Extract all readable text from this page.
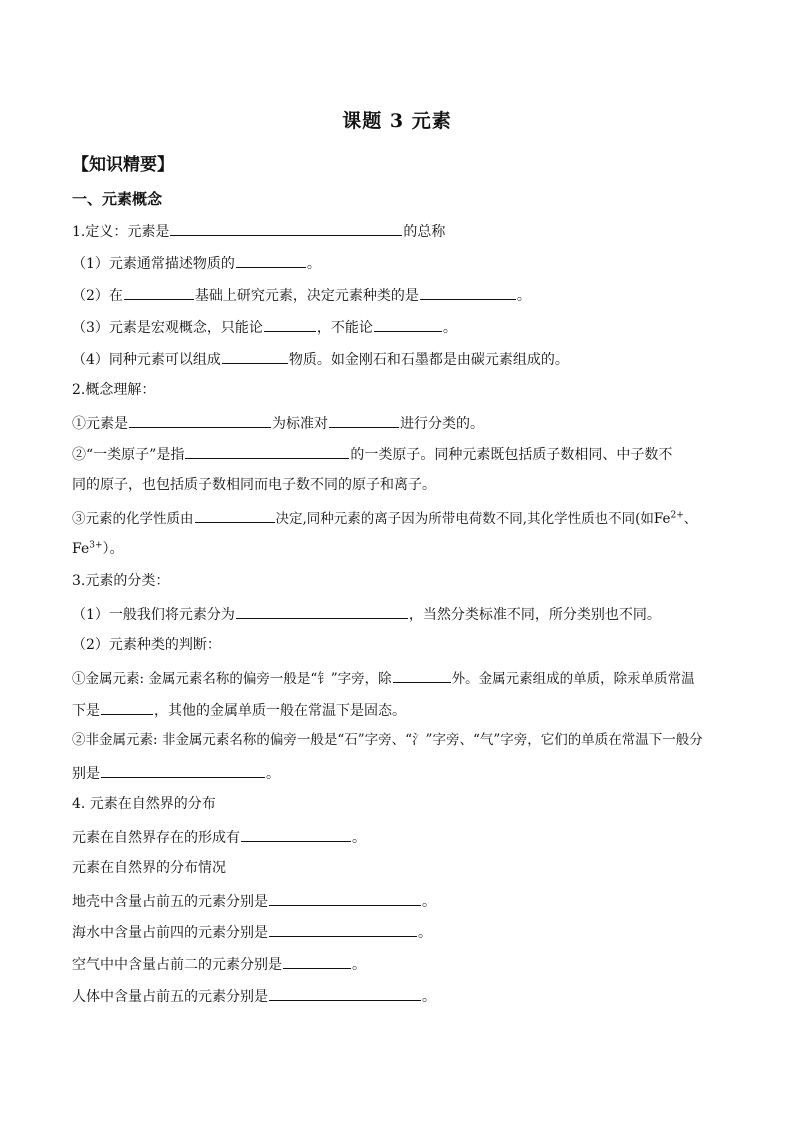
课题 3 元素
【知识精要】
一、元素概念
1.定义：元素是	的总称
（1）元素通常描述物质的	。
（2）在	基础上研究元素，决定元素种类的是	。
（3）元素是宏观概念，只能论	，不能论	。
（4）同种元素可以组成	物质。如金刚石和石墨都是由碳元素组成的。
2.概念理解：
①元素是	为标准对	进行分类的。
②“一类原子”是指	的一类原子。同种元素既包括质子数相同、中子数不
同的原子，也包括质子数相同而电子数不同的原子和离子。
③元素的化学性质由	决定,同种元素的离子因为所带电荷数不同,其化学性质也不同(如$Fe^{2+}$、
$Fe^{3+}$）。
3.元素的分类：
（1）一般我们将元素分为	，当然分类标准不同，所分类别也不同。
（2）元素种类的判断：
①金属元素: 金属元素名称的偏旁一般是“钅”字旁，除	外。金属元素组成的单质，除汞单质常温
下是	，其他的金属单质一般在常温下是固态。
②非金属元素: 非金属元素名称的偏旁一般是“石”字旁、“氵”字旁、“气”字旁，它们的单质在常温下一般分
别是	。
4. 元素在自然界的分布
元素在自然界存在的形成有	。
元素在自然界的分布情况
地壳中含量占前五的元素分别是	。
海水中含量占前四的元素分别是	。
空气中中含量占前二的元素分别是	。
人体中含量占前五的元素分别是	。
